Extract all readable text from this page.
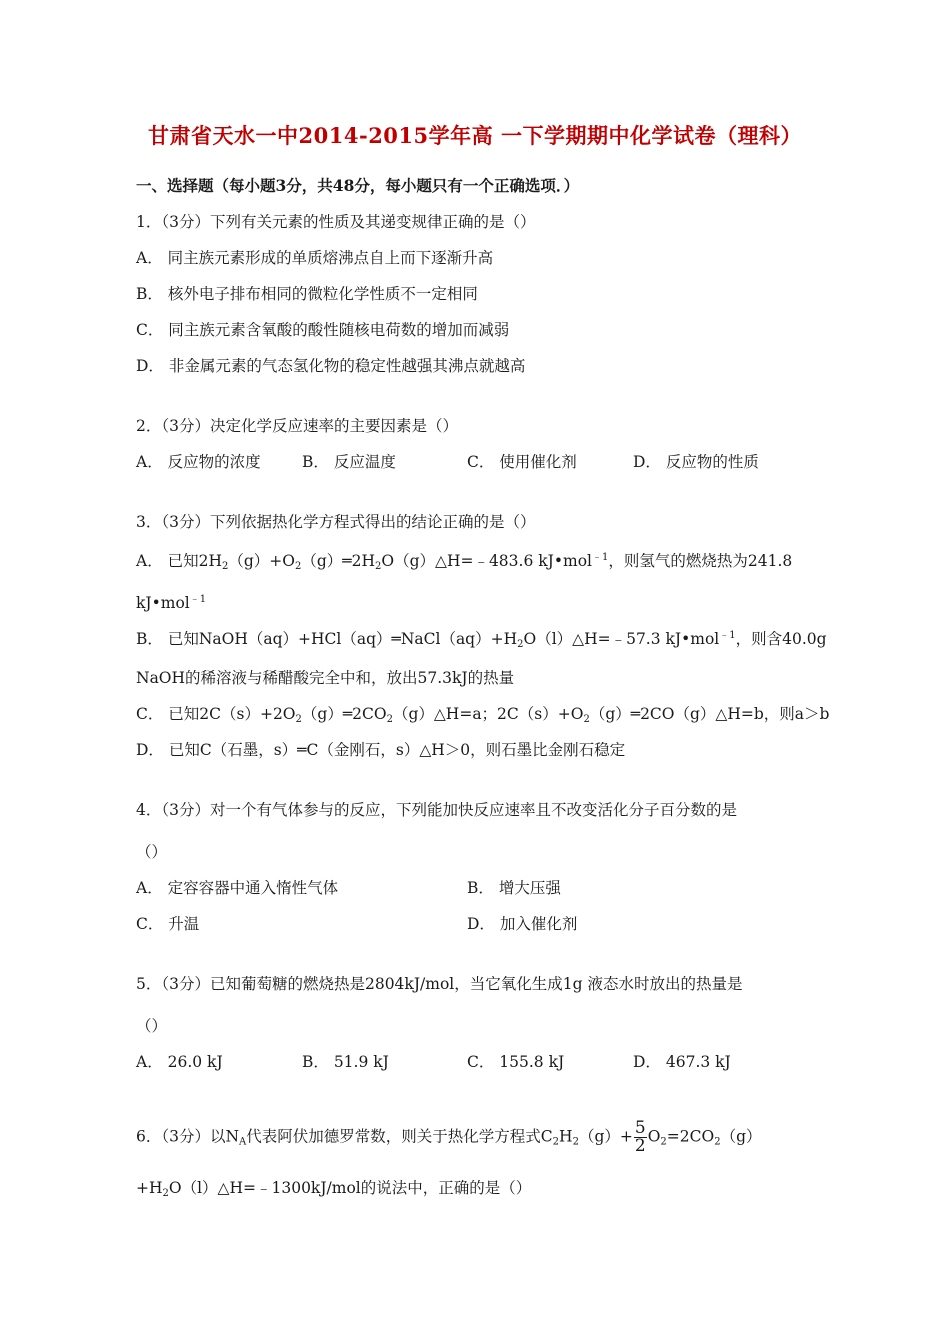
甘肃省天水一中2014-2015学年高 一下学期期中化学试卷（理科）
一、选择题（每小题3分，共48分，每小题只有一个正确选项．）
1．（3分）下列有关元素的性质及其递变规律正确的是（）
A． 同主族元素形成的单质熔沸点自上而下逐渐升高
B． 核外电子排布相同的微粒化学性质不一定相同
C． 同主族元素含氧酸的酸性随核电荷数的增加而减弱
D． 非金属元素的气态氢化物的稳定性越强其沸点就越高
2．（3分）决定化学反应速率的主要因素是（）
A． 反应物的浓度	B． 反应温度	C． 使用催化剂	D． 反应物的性质
3．（3分）下列依据热化学方程式得出的结论正确的是（）
A． 已知$2H_2(g)+O_2(g)═2H_2O(g)\triangle H=﹣483.6$ kJ•mol$^{﹣1}$，则氢气的燃烧热为241.8
kJ•mol$^{﹣1}$
B． 已知$NaOH(aq)+HCl(aq)═NaCl(aq)+H_2O(l)\triangle H=﹣57.3$ kJ•mol$^{﹣1}$，则含40.0g
NaOH的稀溶液与稀醋酸完全中和，放出57.3kJ的热量
C． 已知$2C(s)+2O_2(g)═2CO_2(g)\triangle H=a$；$2C(s)+O_2(g)═2CO(g)\triangle H=b$，则a＞b
D． 已知C（石墨，s）═C（金刚石，s）△H＞0，则石墨比金刚石稳定
4．（3分）对一个有气体参与的反应，下列能加快反应速率且不改变活化分子百分数的是
（）
A． 定容容器中通入惰性气体	B． 增大压强
C． 升温	D． 加入催化剂
5．（3分）已知葡萄糖的燃烧热是2804kJ/mol，当它氧化生成1g 液态水时放出的热量是
（）
A． 26.0 kJ	B． 51.9 kJ	C． 155.8 kJ	D． 467.3 kJ
6．（3分）以$N_A$代表阿伏加德罗常数，则关于热化学方程式$C_2H_2(g)+ \frac{5}{2} O_2=2CO_2(g)$
$+H_2O(l)\triangle H=﹣1300kJ$/mol的说法中，正确的是（）
